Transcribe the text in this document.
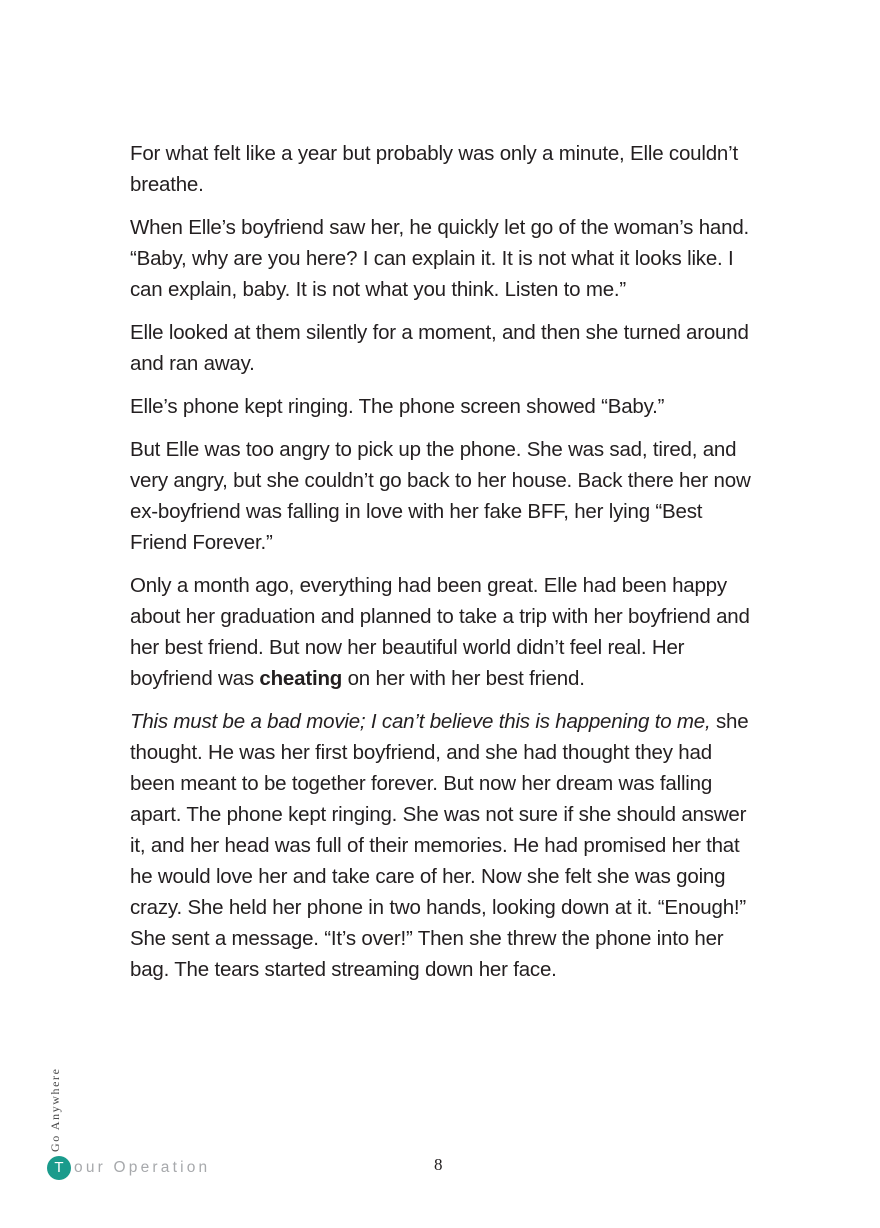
For what felt like a year but probably was only a minute, Elle couldn’t breathe.

When Elle’s boyfriend saw her, he quickly let go of the woman’s hand. “Baby, why are you here? I can explain it. It is not what it looks like. I can explain, baby. It is not what you think. Listen to me.”

Elle looked at them silently for a moment, and then she turned around and ran away.

Elle’s phone kept ringing. The phone screen showed “Baby.”

But Elle was too angry to pick up the phone. She was sad, tired, and very angry, but she couldn’t go back to her house. Back there her now ex-boyfriend was falling in love with her fake BFF, her lying “Best Friend Forever.”

Only a month ago, everything had been great. Elle had been happy about her graduation and planned to take a trip with her boyfriend and her best friend. But now her beautiful world didn’t feel real. Her boyfriend was cheating on her with her best friend.

This must be a bad movie; I can’t believe this is happening to me, she thought. He was her first boyfriend, and she had thought they had been meant to be together forever. But now her dream was falling apart. The phone kept ringing. She was not sure if she should answer it, and her head was full of their memories. He had promised her that he would love her and take care of her. Now she felt she was going crazy. She held her phone in two hands, looking down at it. “Enough!” She sent a message. “It’s over!” Then she threw the phone into her bag. The tears started streaming down her face.

Go Anywhere
T our Operation	8
